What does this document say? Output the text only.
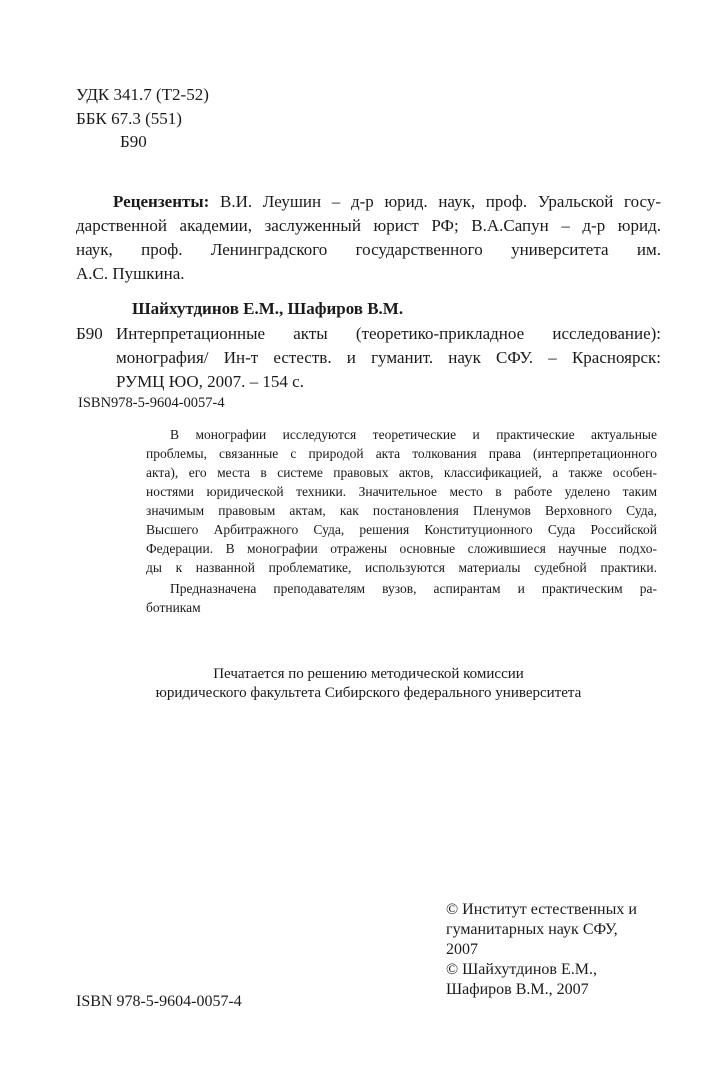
УДК 341.7 (Т2-52)
ББК 67.3 (551)
Б90
Рецензенты: В.И. Леушин – д-р юрид. наук, проф. Уральской госу-
дарственной академии, заслуженный юрист РФ; В.А.Сапун – д-р юрид.
наук, проф. Ленинградского государственного университета им.
А.С. Пушкина.
Шайхутдинов Е.М., Шафиров В.М.
Б90 Интерпретационные акты (теоретико-прикладное исследование):
монография/ Ин-т естеств. и гуманит. наук СФУ. – Красноярск:
РУМЦ ЮО, 2007. – 154 с.
ISBN978-5-9604-0057-4
В монографии исследуются теоретические и практические актуальные
проблемы, связанные с природой акта толкования права (интерпретационного
акта), его места в системе правовых актов, классификацией, а также особен-
ностями юридической техники. Значительное место в работе уделено таким
значимым правовым актам, как постановления Пленумов Верховного Суда,
Высшего Арбитражного Суда, решения Конституционного Суда Российской
Федерации. В монографии отражены основные сложившиеся научные подхо-
ды к названной проблематике, используются материалы судебной практики.
Предназначена преподавателям вузов, аспирантам и практическим ра-
ботникам
Печатается по решению методической комиссии
юридического факультета Сибирского федерального университета
© Институт естественных и
гуманитарных наук СФУ,
2007
© Шайхутдинов Е.М.,
Шафиров В.М., 2007
ISBN 978-5-9604-0057-4
